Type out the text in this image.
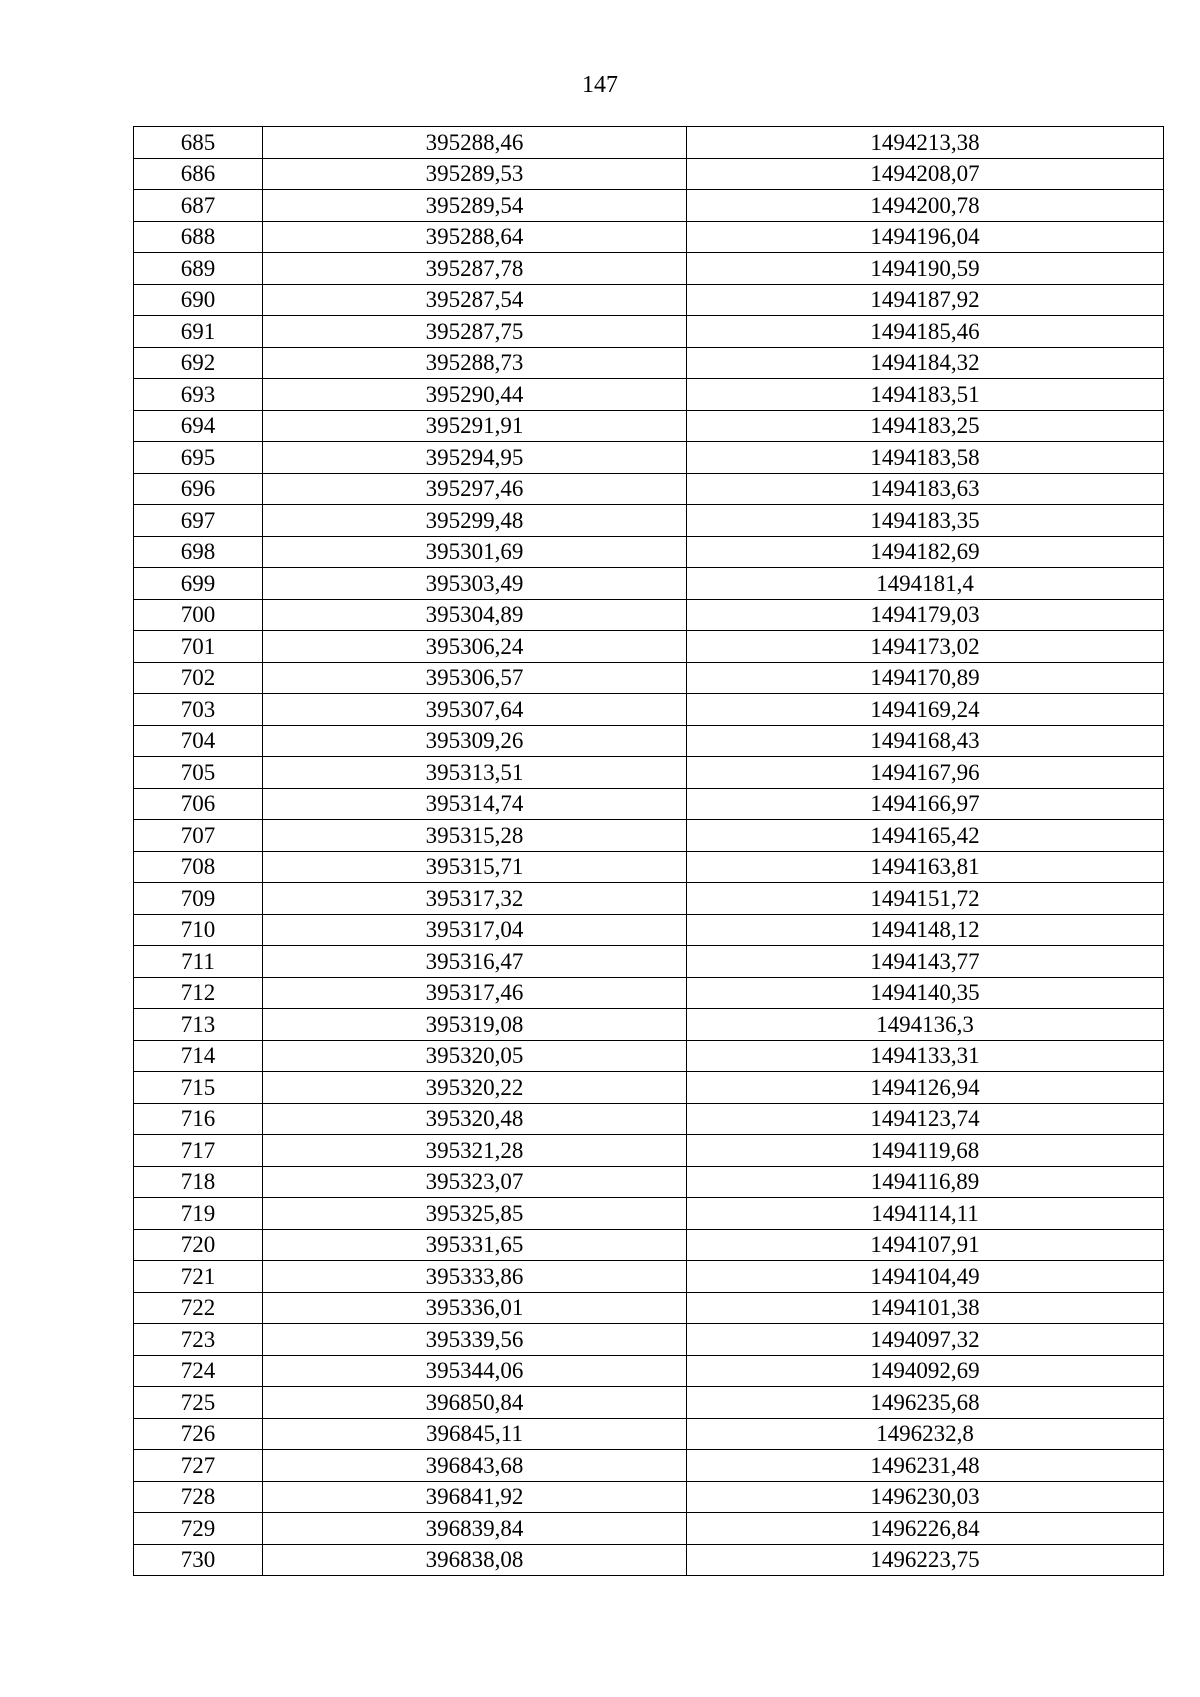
147
685	395288,46	1494213,38
686	395289,53	1494208,07
687	395289,54	1494200,78
688	395288,64	1494196,04
689	395287,78	1494190,59
690	395287,54	1494187,92
691	395287,75	1494185,46
692	395288,73	1494184,32
693	395290,44	1494183,51
694	395291,91	1494183,25
695	395294,95	1494183,58
696	395297,46	1494183,63
697	395299,48	1494183,35
698	395301,69	1494182,69
699	395303,49	1494181,4
700	395304,89	1494179,03
701	395306,24	1494173,02
702	395306,57	1494170,89
703	395307,64	1494169,24
704	395309,26	1494168,43
705	395313,51	1494167,96
706	395314,74	1494166,97
707	395315,28	1494165,42
708	395315,71	1494163,81
709	395317,32	1494151,72
710	395317,04	1494148,12
711	395316,47	1494143,77
712	395317,46	1494140,35
713	395319,08	1494136,3
714	395320,05	1494133,31
715	395320,22	1494126,94
716	395320,48	1494123,74
717	395321,28	1494119,68
718	395323,07	1494116,89
719	395325,85	1494114,11
720	395331,65	1494107,91
721	395333,86	1494104,49
722	395336,01	1494101,38
723	395339,56	1494097,32
724	395344,06	1494092,69
725	396850,84	1496235,68
726	396845,11	1496232,8
727	396843,68	1496231,48
728	396841,92	1496230,03
729	396839,84	1496226,84
730	396838,08	1496223,75
